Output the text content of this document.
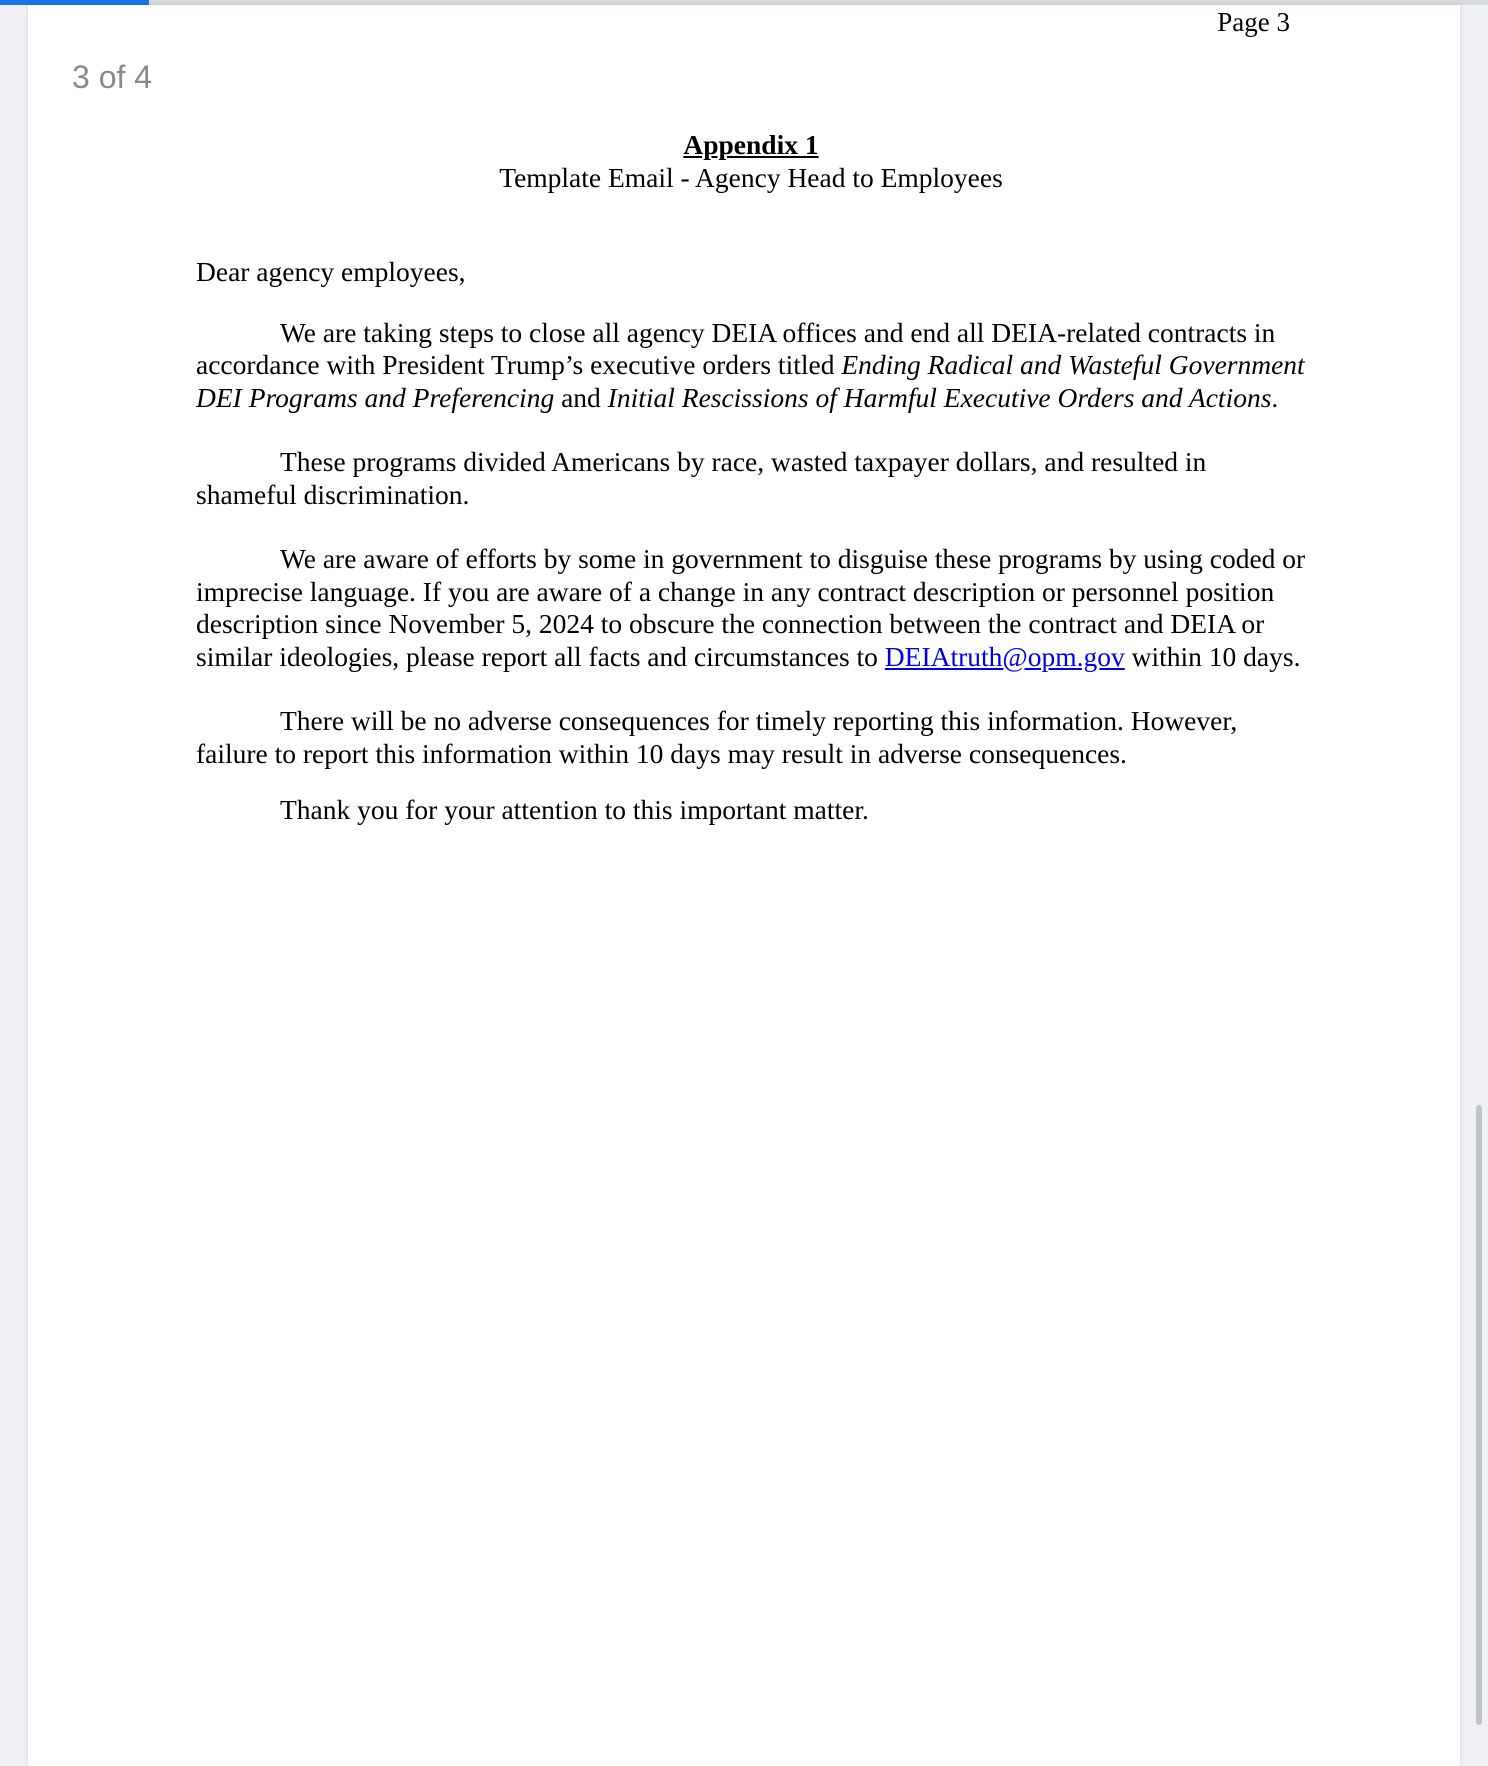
3 of 4
Page 3

Appendix 1

Template Email - Agency Head to Employees

Dear agency employees,

We are taking steps to close all agency DEIA offices and end all DEIA-related contracts in accordance with President Trump’s executive orders titled Ending Radical and Wasteful Government DEI Programs and Preferencing and Initial Rescissions of Harmful Executive Orders and Actions.

These programs divided Americans by race, wasted taxpayer dollars, and resulted in shameful discrimination.

We are aware of efforts by some in government to disguise these programs by using coded or imprecise language. If you are aware of a change in any contract description or personnel position description since November 5, 2024 to obscure the connection between the contract and DEIA or similar ideologies, please report all facts and circumstances to DEIAtruth@opm.gov within 10 days.

There will be no adverse consequences for timely reporting this information. However, failure to report this information within 10 days may result in adverse consequences.

Thank you for your attention to this important matter.
